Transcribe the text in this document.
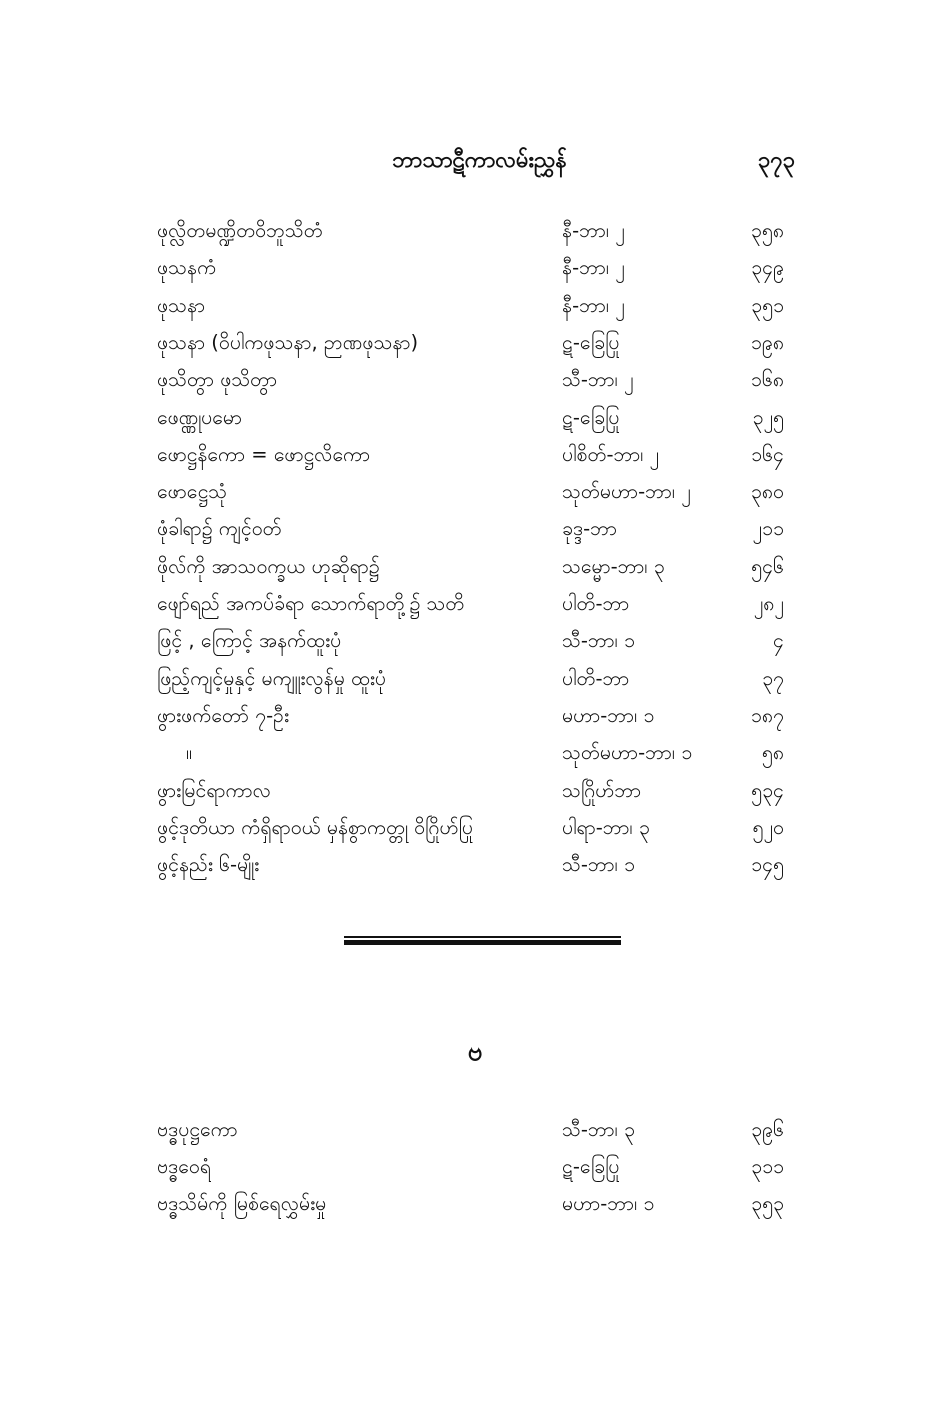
ဘာသာဋီကာလမ်းညွှန်	၃၇၃
ဖုလ္လိတမဏ္ဍိတဝိဘူသိတံ	နီ-ဘာ၊ ၂	၃၅၈
ဖုသနကံ	နီ-ဘာ၊ ၂	၃၄၉
ဖုသနာ	နီ-ဘာ၊ ၂	၃၅၁
ဖုသနာ (ဝိပါကဖုသနာ, ဉာဏဖုသနာ)	ဋ-ခြေပြု	၁၉၈
ဖုသိတွာ ဖုသိတွာ	သီ-ဘာ၊ ၂	၁၆၈
ဖေဏ္ဏုပမော	ဋ-ခြေပြု	၃၂၅
ဖောဋ္ဌနိကော = ဖောဋ္ဌလိကော	ပါစိတ်-ဘာ၊ ၂	၁၆၄
ဖောဋ္ဌေသုံ	သုတ်မဟာ-ဘာ၊ ၂	၃၈၀
ဖုံခါရာ၌ ကျင့်ဝတ်	ခုဒ္ဒ-ဘာ	၂၁၁
ဖိုလ်ကို အာသဝက္ခယ ဟုဆိုရာ၌	သမ္မော-ဘာ၊ ၃	၅၄၆
ဖျော်ရည် အကပ်ခံရာ သောက်ရာတို့၌ သတိ	ပါတိ-ဘာ	၂၈၂
ဖြင့် , ကြောင့် အနက်ထူးပုံ	သီ-ဘာ၊ ၁	၄
ဖြည့်ကျင့်မှုနှင့် မကျူးလွန်မှု ထူးပုံ	ပါတိ-ဘာ	၃၇
ဖွားဖက်တော် ၇-ဦး	မဟာ-ဘာ၊ ၁	၁၈၇
။	သုတ်မဟာ-ဘာ၊ ၁	၅၈
ဖွားမြင်ရာကာလ	သဂြိုဟ်ဘာ	၅၃၄
ဖွင့်ဒုတိယာ ကံရှိရာဝယ် မှန်စွာကတ္တု ဝိဂြိုဟ်ပြု	ပါရာ-ဘာ၊ ၃	၅၂၀
ဖွင့်နည်း ၆-မျိုး	သီ-ဘာ၊ ၁	၁၄၅
ဗ
ဗဒ္ဓပုဋ္ဌကော	သီ-ဘာ၊ ၃	၃၉၆
ဗဒ္ဓဝေရံ	ဋ-ခြေပြု	၃၁၁
ဗဒ္ဓသိမ်ကို မြစ်ရေလွှမ်းမှု	မဟာ-ဘာ၊ ၁	၃၅၃
